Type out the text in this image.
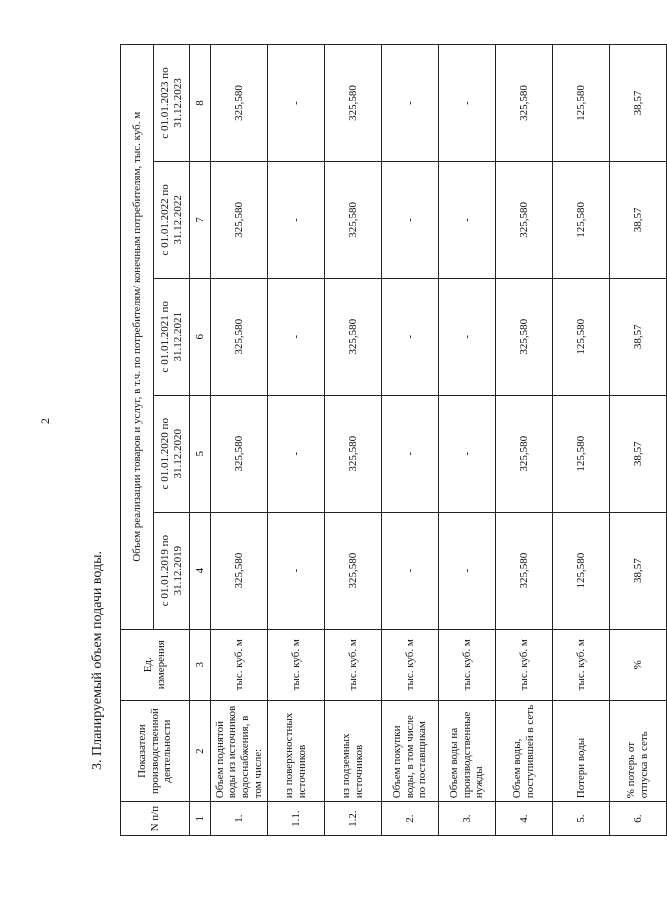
2
3. Планируемый объем подачи воды.
N п/п	Показатели производственной деятельности	Ед. измерения	Объем реализации товаров и услуг, в т.ч. по потребителям/ конечным потребителям, тыс. куб. м				
			с 01.01.2019 по 31.12.2019	с 01.01.2020 по 31.12.2020	с 01.01.2021 по 31.12.2021	с 01.01.2022 по 31.12.2022	с 01.01.2023 по 31.12.2023
1	2	3	4	5	6	7	8
1.	Объем поднятой воды из источников водоснабжения, в том числе:	тыс. куб. м	325,580	325,580	325,580	325,580	325,580
1.1.	из поверхностных источников	тыс. куб. м	-	-	-	-	-
1.2.	из подземных источников	тыс. куб. м	325,580	325,580	325,580	325,580	325,580
2.	Объем покупки воды, в том числе по поставщикам	тыс. куб. м	-	-	-	-	-
3.	Объем воды на производственные нужды	тыс. куб. м	-	-	-	-	-
4.	Объем воды, поступившей в сеть	тыс. куб. м	325,580	325,580	325,580	325,580	325,580
5.	Потери воды	тыс. куб. м	125,580	125,580	125,580	125,580	125,580
6.	% потерь от отпуска в сеть	%	38,57	38,57	38,57	38,57	38,57
